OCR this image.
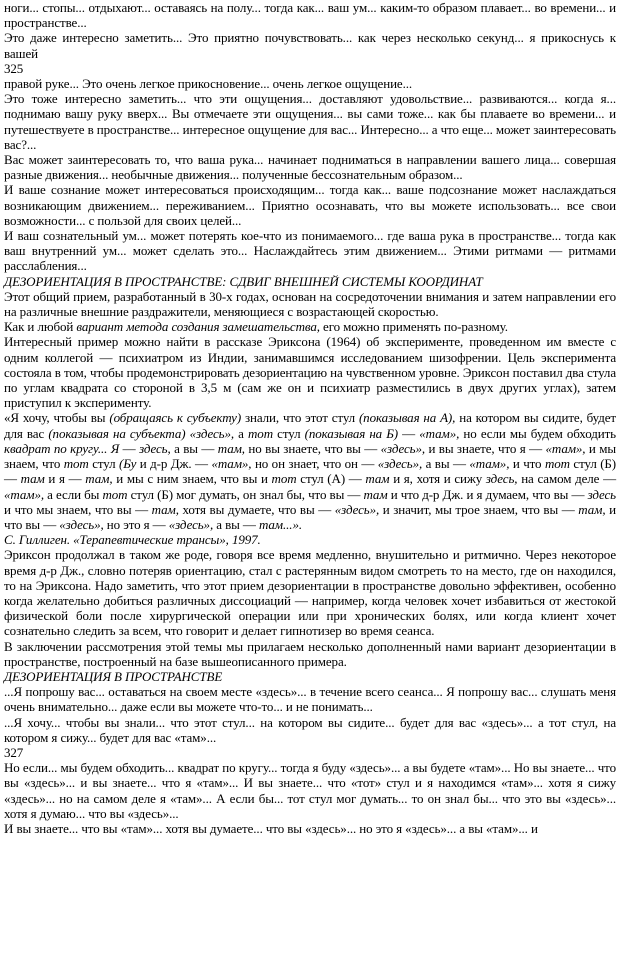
ноги... стопы... отдыхают... оставаясь на полу... тогда как... ваш ум... каким-то образом плавает... во времени... и пространстве...

Это даже интересно заметить... Это приятно почувствовать... как через несколько секунд... я прикоснусь к вашей

325

правой руке... Это очень легкое прикосновение... очень легкое ощущение...

Это тоже интересно заметить... что эти ощущения... доставляют удовольствие... развиваются... когда я... поднимаю вашу руку вверх... Вы отмечаете эти ощущения... вы сами тоже... как бы плаваете во времени... и путешествуете в пространстве... интересное ощущение для вас... Интересно... а что еще... может заинтересовать вас?...

Вас может заинтересовать то, что ваша рука... начинает подниматься в направлении вашего лица... совершая разные движения... необычные движения... полученные бессознательным образом...

И ваше сознание может интересоваться происходящим... тогда как... ваше подсознание может наслаждаться возникающим движением... переживанием... Приятно осознавать, что вы можете использовать... все свои возможности... с пользой для своих целей...

И ваш сознательный ум... может потерять кое-что из понимаемого... где ваша рука в пространстве... тогда как ваш внутренний ум... может сделать это... Наслаждайтесь этим движением... Этими ритмами — ритмами расслабления...

ДЕЗОРИЕНТАЦИЯ В ПРОСТРАНСТВЕ: СДВИГ ВНЕШНЕЙ СИСТЕМЫ КООРДИНАТ

Этот общий прием, разработанный в 30-х годах, основан на сосредоточении внимания и затем направлении его на различные внешние раздражители, меняющиеся с возрастающей скоростью.

Как и любой вариант метода создания замешательства, его можно применять по-разному.

Интересный пример можно найти в рассказе Эриксона (1964) об эксперименте, проведенном им вместе с одним коллегой — психиатром из Индии, занимавшимся исследованием шизофрении. Цель эксперимента состояла в том, чтобы продемонстрировать дезориентацию на чувственном уровне. Эриксон поставил два стула по углам квадрата со стороной в 3,5 м (сам же он и психиатр разместились в двух других углах), затем приступил к эксперименту.

«Я хочу, чтобы вы (обращаясь к субъекту) знали, что этот стул (показывая на А), на котором вы сидите, будет для вас (показывая на субъекта) «здесь», а тот стул (показывая на Б) — «там», но если мы будем обходить квадрат по кругу... Я — здесь, а вы — там, но вы знаете, что вы — «здесь», и вы знаете, что я — «там», и мы знаем, что тот стул (Бу и д-р Дж. — «там», но он знает, что он — «здесь», а вы — «там», и что тот стул (Б) — там и я — там, и мы с ним знаем, что вы и тот стул (А) — там и я, хотя и сижу здесь, на самом деле — «там», а если бы тот стул (Б) мог думать, он знал бы, что вы — там и что д-р Дж. и я думаем, что вы — здесь и что мы знаем, что вы — там, хотя вы думаете, что вы — «здесь», и значит, мы трое знаем, что вы — там, и что вы — «здесь», но это я — «здесь», а вы — там...».

С. Гиллиген. «Терапевтические трансы», 1997.

Эриксон продолжал в таком же роде, говоря все время медленно, внушительно и ритмично. Через некоторое время д-р Дж., словно потеряв ориентацию, стал с растерянным видом смотреть то на место, где он находился, то на Эриксона. Надо заметить, что этот прием дезориентации в пространстве довольно эффективен, особенно когда желательно добиться различных диссоциаций — например, когда человек хочет избавиться от жестокой физической боли после хирургической операции или при хронических болях, или когда клиент хочет сознательно следить за всем, что говорит и делает гипнотизер во время сеанса.

В заключении рассмотрения этой темы мы прилагаем несколько дополненный нами вариант дезориентации в пространстве, построенный на базе вышеописанного примера.

ДЕЗОРИЕНТАЦИЯ В ПРОСТРАНСТВЕ

...Я попрошу вас... оставаться на своем месте «здесь»... в течение всего сеанса... Я попрошу вас... слушать меня очень внимательно... даже если вы можете что-то... и не понимать...

...Я хочу... чтобы вы знали... что этот стул... на котором вы сидите... будет для вас «здесь»... а тот стул, на котором я сижу... будет для вас «там»...

327

Но если... мы будем обходить... квадрат по кругу... тогда я буду «здесь»... а вы будете «там»... Но вы знаете... что вы «здесь»... и вы знаете... что я «там»... И вы знаете... что «тот» стул и я находимся «там»... хотя я сижу «здесь»... но на самом деле я «там»... А если бы... тот стул мог думать... то он знал бы... что это вы «здесь»... хотя я думаю... что вы «здесь»...

И вы знаете... что вы «там»... хотя вы думаете... что вы «здесь»... но это я «здесь»... а вы «там»... и
